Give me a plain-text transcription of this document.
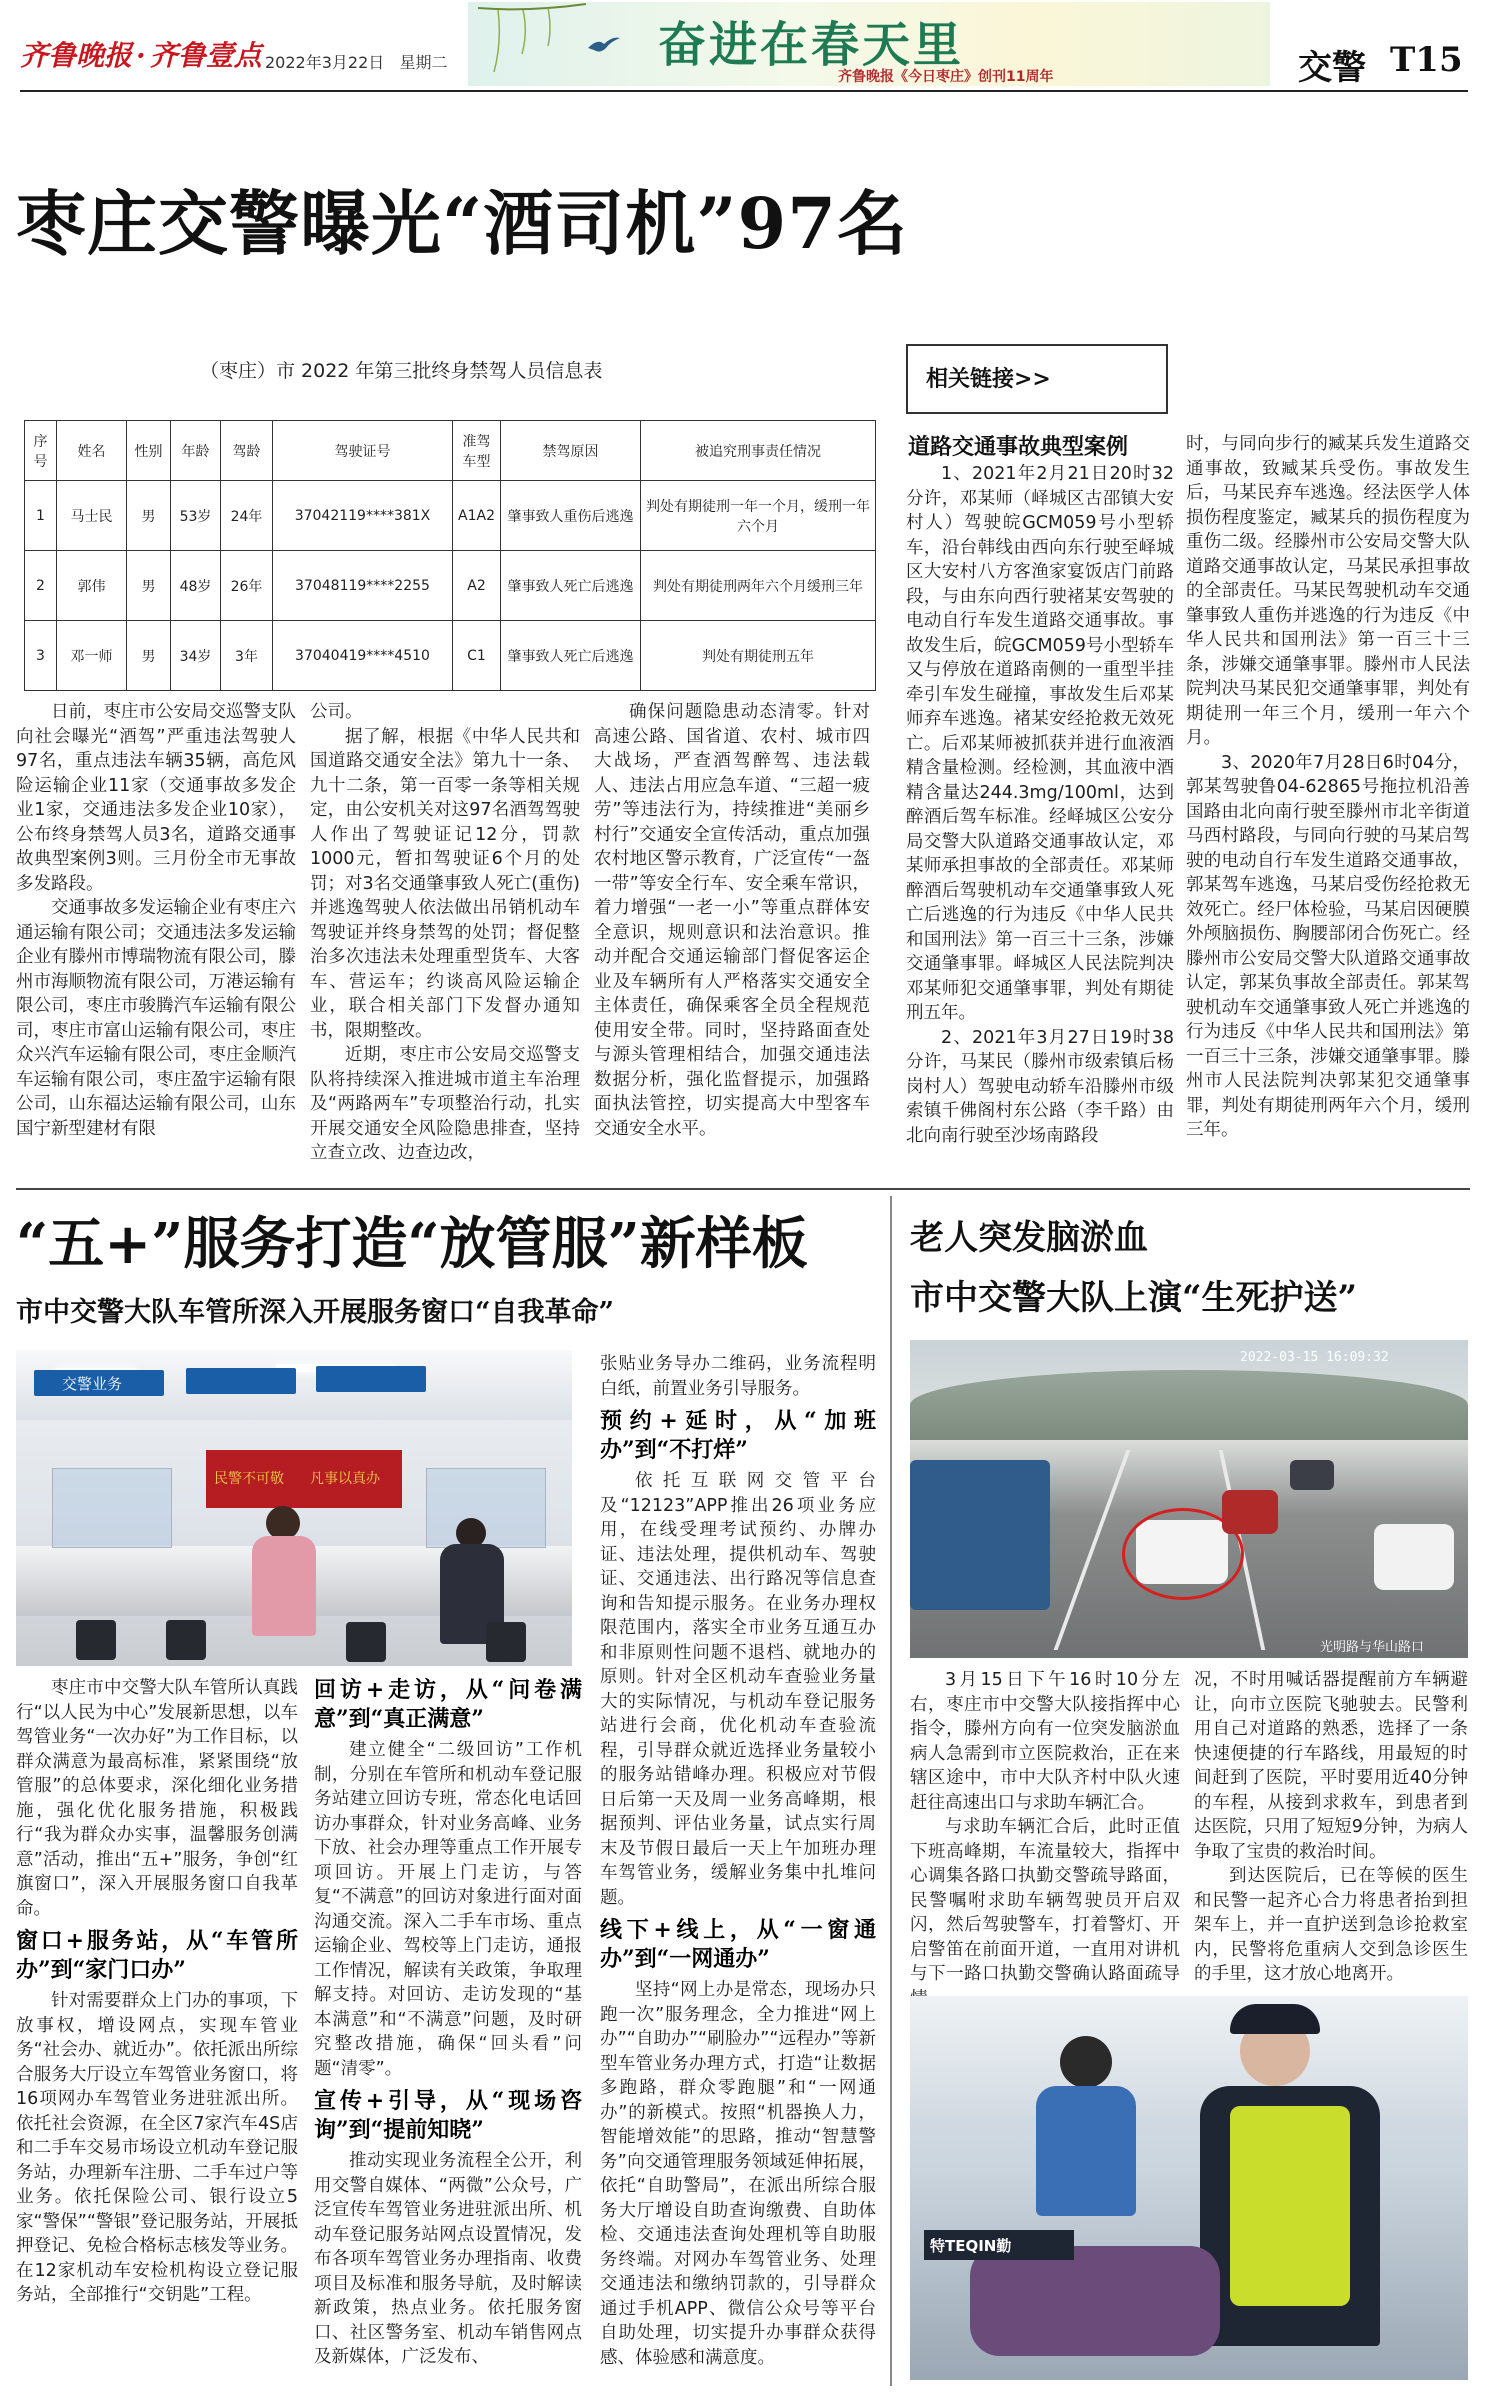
齐鲁晚报 · 齐鲁壹点 2022年3月22日 星期二	奋进在春天里
齐鲁晚报《今日枣庄》创刊11周年	交警 T15
枣庄交警曝光“酒司机”97名
（枣庄）市 2022 年第三批终身禁驾人员信息表
序号	姓名	性别	年龄	驾龄	驾驶证号	准驾车型	禁驾原因	被追究刑事责任情况
1	马士民	男	53岁	24年	37042119****381X	A1A2	肇事致人重伤后逃逸	判处有期徒刑一年一个月，缓刑一年六个月
2	郭伟	男	48岁	26年	37048119****2255	A2	肇事致人死亡后逃逸	判处有期徒刑两年六个月缓刑三年
3	邓一师	男	34岁	3年	37040419****4510	C1	肇事致人死亡后逃逸	判处有期徒刑五年

日前，枣庄市公安局交巡警支队向社会曝光“酒驾”严重违法驾驶人97名，重点违法车辆35辆，高危风险运输企业11家（交通事故多发企业1家，交通违法多发企业10家），公布终身禁驾人员3名，道路交通事故典型案例3则。三月份全市无事故多发路段。

交通事故多发运输企业有枣庄六通运输有限公司；交通违法多发运输企业有滕州市博瑞物流有限公司，滕州市海顺物流有限公司，万港运输有限公司，枣庄市骏腾汽车运输有限公司，枣庄市富山运输有限公司，枣庄众兴汽车运输有限公司，枣庄金顺汽车运输有限公司，枣庄盈宇运输有限公司，山东福达运输有限公司，山东国宁新型建材有限

公司。

据了解，根据《中华人民共和国道路交通安全法》第九十一条、九十二条，第一百零一条等相关规定，由公安机关对这97名酒驾驾驶人作出了驾驶证记12分，罚款1000元，暂扣驾驶证6个月的处罚；对3名交通肇事致人死亡(重伤)并逃逸驾驶人依法做出吊销机动车驾驶证并终身禁驾的处罚；督促整治多次违法未处理重型货车、大客车、营运车；约谈高风险运输企业，联合相关部门下发督办通知书，限期整改。

近期，枣庄市公安局交巡警支队将持续深入推进城市道主车治理及“两路两车”专项整治行动，扎实开展交通安全风险隐患排查，坚持立查立改、边查边改，

确保问题隐患动态清零。针对高速公路、国省道、农村、城市四大战场，严查酒驾醉驾、违法载人、违法占用应急车道、“三超一疲劳”等违法行为，持续推进“美丽乡村行”交通安全宣传活动，重点加强农村地区警示教育，广泛宣传“一盔一带”等安全行车、安全乘车常识，着力增强“一老一小”等重点群体安全意识，规则意识和法治意识。推动并配合交通运输部门督促客运企业及车辆所有人严格落实交通安全主体责任，确保乘客全员全程规范使用安全带。同时，坚持路面查处与源头管理相结合，加强交通违法数据分析，强化监督提示，加强路面执法管控，切实提高大中型客车交通安全水平。

相关链接>>
道路交通事故典型案例

1、2021年2月21日20时32分许，邓某师（峄城区古邵镇大安村人）驾驶皖GCM059号小型轿车，沿台韩线由西向东行驶至峄城区大安村八方客渔家宴饭店门前路段，与由东向西行驶褚某安驾驶的电动自行车发生道路交通事故。事故发生后，皖GCM059号小型轿车又与停放在道路南侧的一重型半挂牵引车发生碰撞，事故发生后邓某师弃车逃逸。褚某安经抢救无效死亡。后邓某师被抓获并进行血液酒精含量检测。经检测，其血液中酒精含量达244.3mg/100ml，达到醉酒后驾车标准。经峄城区公安分局交警大队道路交通事故认定，邓某师承担事故的全部责任。邓某师醉酒后驾驶机动车交通肇事致人死亡后逃逸的行为违反《中华人民共和国刑法》第一百三十三条，涉嫌交通肇事罪。峄城区人民法院判决邓某师犯交通肇事罪，判处有期徒刑五年。

2、2021年3月27日19时38分许，马某民（滕州市级索镇后杨岗村人）驾驶电动轿车沿滕州市级索镇千佛阁村东公路（李千路）由北向南行驶至沙场南路段

时，与同向步行的臧某兵发生道路交通事故，致臧某兵受伤。事故发生后，马某民弃车逃逸。经法医学人体损伤程度鉴定，臧某兵的损伤程度为重伤二级。经滕州市公安局交警大队道路交通事故认定，马某民承担事故的全部责任。马某民驾驶机动车交通肇事致人重伤并逃逸的行为违反《中华人民共和国刑法》第一百三十三条，涉嫌交通肇事罪。滕州市人民法院判决马某民犯交通肇事罪，判处有期徒刑一年三个月，缓刑一年六个月。

3、2020年7月28日6时04分，郭某驾驶鲁04-62865号拖拉机沿善国路由北向南行驶至滕州市北辛街道马西村路段，与同向行驶的马某启驾驶的电动自行车发生道路交通事故，郭某驾车逃逸，马某启受伤经抢救无效死亡。经尸体检验，马某启因硬膜外颅脑损伤、胸腰部闭合伤死亡。经滕州市公安局交警大队道路交通事故认定，郭某负事故全部责任。郭某驾驶机动车交通肇事致人死亡并逃逸的行为违反《中华人民共和国刑法》第一百三十三条，涉嫌交通肇事罪。滕州市人民法院判决郭某犯交通肇事罪，判处有期徒刑两年六个月，缓刑三年。

“五+”服务打造“放管服”新样板
市中交警大队车管所深入开展服务窗口“自我革命”
交警业务
民警不可敬 凡事以真办

枣庄市中交警大队车管所认真践行“以人民为中心”发展新思想，以车驾管业务“一次办好”为工作目标，以群众满意为最高标准，紧紧围绕“放管服”的总体要求，深化细化业务措施，强化优化服务措施，积极践行“我为群众办实事，温馨服务创满意”活动，推出“五+”服务，争创“红旗窗口”，深入开展服务窗口自我革命。

窗口+服务站，从“车管所办”到“家门口办”

针对需要群众上门办的事项，下放事权，增设网点，实现车管业务“社会办、就近办”。依托派出所综合服务大厅设立车驾管业务窗口，将16项网办车驾管业务进驻派出所。依托社会资源，在全区7家汽车4S店和二手车交易市场设立机动车登记服务站，办理新车注册、二手车过户等业务。依托保险公司、银行设立5家“警保”“警银”登记服务站，开展抵押登记、免检合格标志核发等业务。在12家机动车安检机构设立登记服务站，全部推行“交钥匙”工程。

回访+走访，从“问卷满意”到“真正满意”

建立健全“二级回访”工作机制，分别在车管所和机动车登记服务站建立回访专班，常态化电话回访办事群众，针对业务高峰、业务下放、社会办理等重点工作开展专项回访。开展上门走访，与答复“不满意”的回访对象进行面对面沟通交流。深入二手车市场、重点运输企业、驾校等上门走访，通报工作情况，解读有关政策，争取理解支持。对回访、走访发现的“基本满意”和“不满意”问题，及时研究整改措施，确保“回头看”问题“清零”。

宣传+引导，从“现场咨询”到“提前知晓”

推动实现业务流程全公开，利用交警自媒体、“两微”公众号，广泛宣传车驾管业务进驻派出所、机动车登记服务站网点设置情况，发布各项车驾管业务办理指南、收费项目及标准和服务导航，及时解读新政策，热点业务。依托服务窗口、社区警务室、机动车销售网点及新媒体，广泛发布、

张贴业务导办二维码，业务流程明白纸，前置业务引导服务。

预约+延时，从“加班办”到“不打烊”

依托互联网交管平台及“12123”APP推出26项业务应用，在线受理考试预约、办牌办证、违法处理，提供机动车、驾驶证、交通违法、出行路况等信息查询和告知提示服务。在业务办理权限范围内，落实全市业务互通互办和非原则性问题不退档、就地办的原则。针对全区机动车查验业务量大的实际情况，与机动车登记服务站进行会商，优化机动车查验流程，引导群众就近选择业务量较小的服务站错峰办理。积极应对节假日后第一天及周一业务高峰期，根据预判、评估业务量，试点实行周末及节假日最后一天上午加班办理车驾管业务，缓解业务集中扎堆问题。

线下+线上，从“一窗通办”到“一网通办”

坚持“网上办是常态，现场办只跑一次”服务理念，全力推进“网上办”“自助办”“刷脸办”“远程办”等新型车管业务办理方式，打造“让数据多跑路，群众零跑腿”和“一网通办”的新模式。按照“机器换人力，智能增效能”的思路，推动“智慧警务”向交通管理服务领域延伸拓展，依托“自助警局”，在派出所综合服务大厅增设自助查询缴费、自助体检、交通违法查询处理机等自助服务终端。对网办车驾管业务、处理交通违法和缴纳罚款的，引导群众通过手机APP、微信公众号等平台自助处理，切实提升办事群众获得感、体验感和满意度。

老人突发脑淤血
市中交警大队上演“生死护送”
2022-03-15 16:09:32
光明路与华山路口

3月15日下午16时10分左右，枣庄市中交警大队接指挥中心指令，滕州方向有一位突发脑淤血病人急需到市立医院救治，正在来辖区途中，市中大队齐村中队火速赶往高速出口与求助车辆汇合。

与求助车辆汇合后，此时正值下班高峰期，车流量较大，指挥中心调集各路口执勤交警疏导路面，民警嘱咐求助车辆驾驶员开启双闪，然后驾驶警车，打着警灯、开启警笛在前面开道，一直用对讲机与下一路口执勤交警确认路面疏导

况，不时用喊话器提醒前方车辆避让，向市立医院飞驰驶去。民警利用自己对道路的熟悉，选择了一条快速便捷的行车路线，用最短的时间赶到了医院，平时要用近40分钟的车程，从接到求救车，到患者到达医院，只用了短短9分钟，为病人争取了宝贵的救治时间。

到达医院后，已在等候的医生和民警一起齐心合力将患者抬到担架车上，并一直护送到急诊抢救室内，民警将危重病人交到急诊医生的手里，这才放心地离开。

特TEQIN勤
